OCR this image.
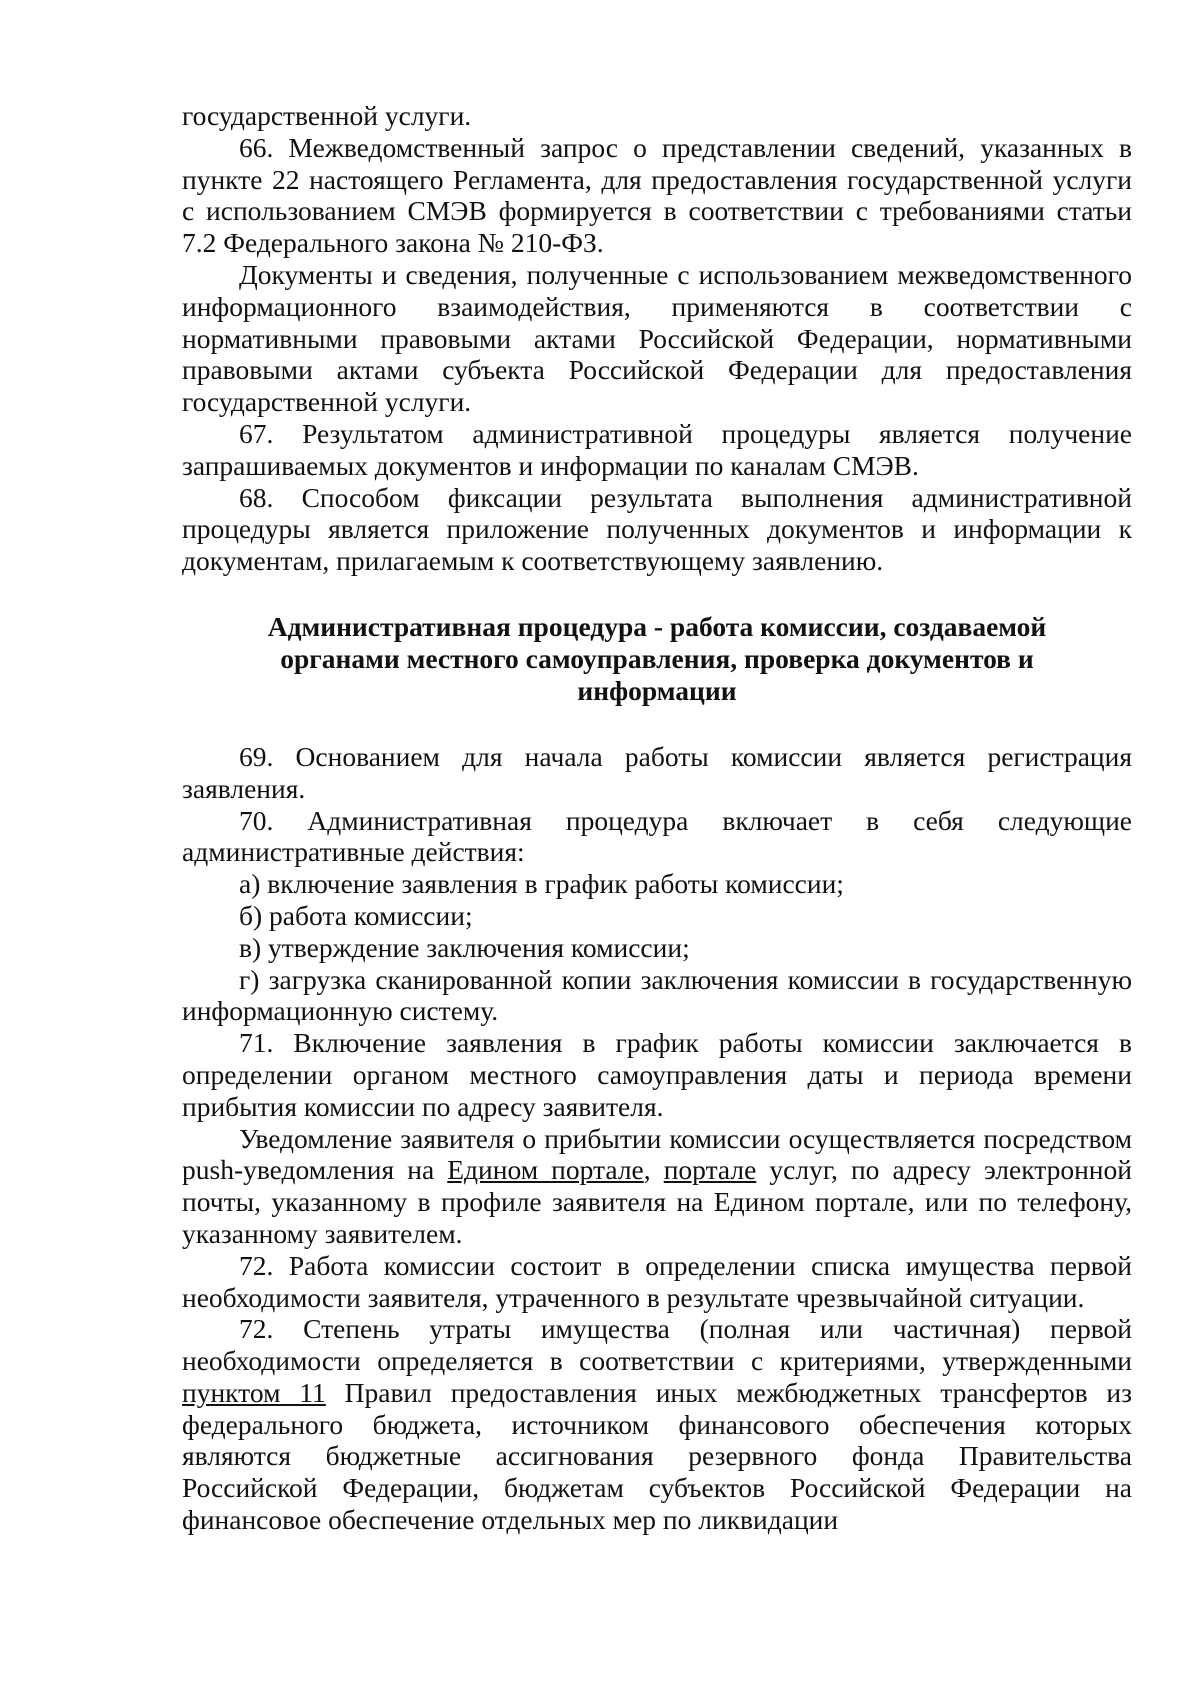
государственной услуги.

66. Межведомственный запрос о представлении сведений, указанных в пункте 22 настоящего Регламента, для предоставления государственной услуги с использованием СМЭВ формируется в соответствии с требованиями статьи 7.2 Федерального закона № 210-ФЗ.

Документы и сведения, полученные с использованием межведомственного информационного взаимодействия, применяются в соответствии с нормативными правовыми актами Российской Федерации, нормативными правовыми актами субъекта Российской Федерации для предоставления государственной услуги.

67. Результатом административной процедуры является получение запрашиваемых документов и информации по каналам СМЭВ.

68. Способом фиксации результата выполнения административной процедуры является приложение полученных документов и информации к документам, прилагаемым к соответствующему заявлению.

Административная процедура - работа комиссии, создаваемой
органами местного самоуправления, проверка документов и
информации

69. Основанием для начала работы комиссии является регистрация заявления.

70. Административная процедура включает в себя следующие административные действия:

а) включение заявления в график работы комиссии;

б) работа комиссии;

в) утверждение заключения комиссии;

г) загрузка сканированной копии заключения комиссии в государственную информационную систему.

71. Включение заявления в график работы комиссии заключается в определении органом местного самоуправления даты и периода времени прибытия комиссии по адресу заявителя.

Уведомление заявителя о прибытии комиссии осуществляется посредством push-уведомления на Едином портале, портале услуг, по адресу электронной почты, указанному в профиле заявителя на Едином портале, или по телефону, указанному заявителем.

72. Работа комиссии состоит в определении списка имущества первой необходимости заявителя, утраченного в результате чрезвычайной ситуации.

72. Степень утраты имущества (полная или частичная) первой необходимости определяется в соответствии с критериями, утвержденными пунктом 11 Правил предоставления иных межбюджетных трансфертов из федерального бюджета, источником финансового обеспечения которых являются бюджетные ассигнования резервного фонда Правительства Российской Федерации, бюджетам субъектов Российской Федерации на финансовое обеспечение отдельных мер по ликвидации
